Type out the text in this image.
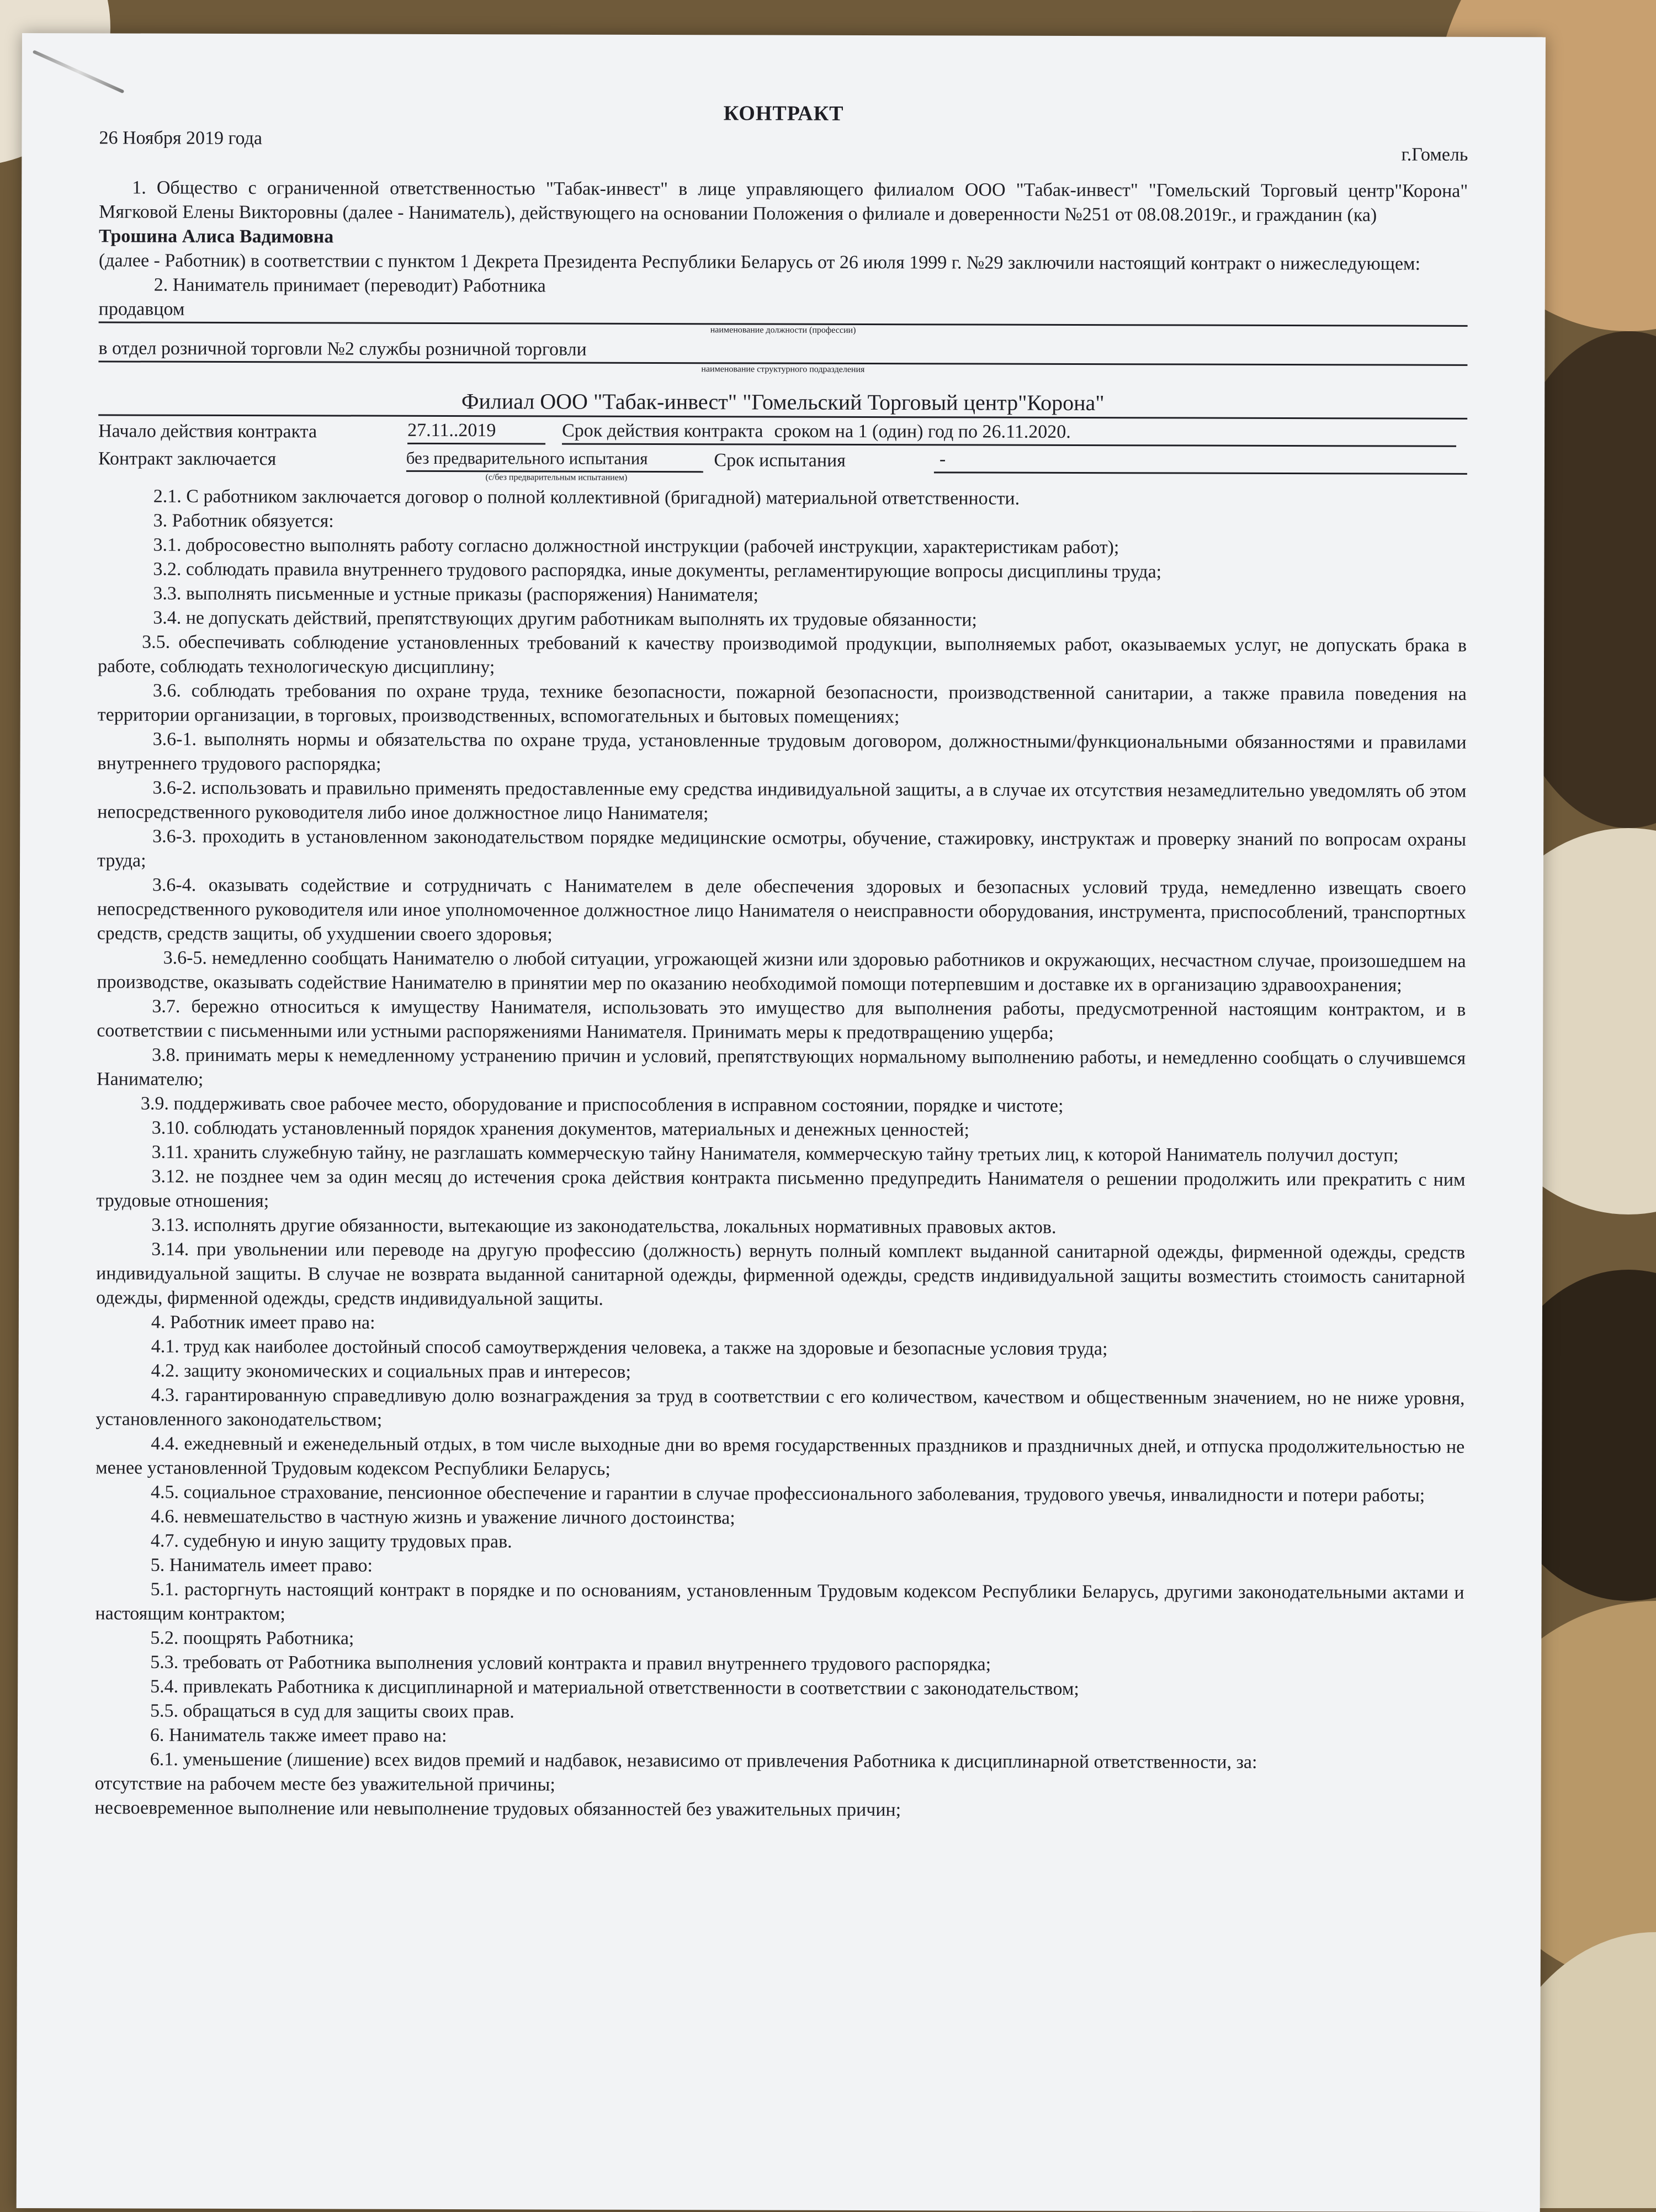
КОНТРАКТ
26 Ноября 2019 года
г.Гомель

1. Общество с ограниченной ответственностью "Табак-инвест" в лице управляющего филиалом ООО "Табак-инвест" "Гомельский Торговый центр"Корона" Мягковой Елены Викторовны (далее - Наниматель), действующего на основании Положения о филиале и доверенности №251 от 08.08.2019г., и гражданин (ка)

Трошина Алиса Вадимовна

(далее - Работник) в соответствии с пунктом 1 Декрета Президента Республики Беларусь от 26 июля 1999 г. №29 заключили настоящий контракт о нижеследующем:

2. Наниматель принимает (переводит) Работника

продавцом
наименование должности (профессии)
в отдел розничной торговли №2 службы розничной торговли
наименование структурного подразделения
Филиал ООО "Табак-инвест" "Гомельский Торговый центр"Корона"
Начало действия контракта	27.11..2019	Срок действия контракта сроком на 1 (один) год по 26.11.2020.
Контракт заключается	без предварительного испытания	Срок испытания	-
(с/без предварительным испытанием)

2.1. С работником заключается договор о полной коллективной (бригадной) материальной ответственности.

3. Работник обязуется:

3.1. добросовестно выполнять работу согласно должностной инструкции (рабочей инструкции, характеристикам работ);

3.2. соблюдать правила внутреннего трудового распорядка, иные документы, регламентирующие вопросы дисциплины труда;

3.3. выполнять письменные и устные приказы (распоряжения) Нанимателя;

3.4. не допускать действий, препятствующих другим работникам выполнять их трудовые обязанности;

3.5. обеспечивать соблюдение установленных требований к качеству производимой продукции, выполняемых работ, оказываемых услуг, не допускать брака в работе, соблюдать технологическую дисциплину;

3.6. соблюдать требования по охране труда, технике безопасности, пожарной безопасности, производственной санитарии, а также правила поведения на территории организации, в торговых, производственных, вспомогательных и бытовых помещениях;

3.6-1. выполнять нормы и обязательства по охране труда, установленные трудовым договором, должностными/функциональными обязанностями и правилами внутреннего трудового распорядка;

3.6-2. использовать и правильно применять предоставленные ему средства индивидуальной защиты, а в случае их отсутствия незамедлительно уведомлять об этом непосредственного руководителя либо иное должностное лицо Нанимателя;

3.6-3. проходить в установленном законодательством порядке медицинские осмотры, обучение, стажировку, инструктаж и проверку знаний по вопросам охраны труда;

3.6-4. оказывать содействие и сотрудничать с Нанимателем в деле обеспечения здоровых и безопасных условий труда, немедленно извещать своего непосредственного руководителя или иное уполномоченное должностное лицо Нанимателя о неисправности оборудования, инструмента, приспособлений, транспортных средств, средств защиты, об ухудшении своего здоровья;

3.6-5. немедленно сообщать Нанимателю о любой ситуации, угрожающей жизни или здоровью работников и окружающих, несчастном случае, произошедшем на производстве, оказывать содействие Нанимателю в принятии мер по оказанию необходимой помощи потерпевшим и доставке их в организацию здравоохранения;

3.7. бережно относиться к имуществу Нанимателя, использовать это имущество для выполнения работы, предусмотренной настоящим контрактом, и в соответствии с письменными или устными распоряжениями Нанимателя. Принимать меры к предотвращению ущерба;

3.8. принимать меры к немедленному устранению причин и условий, препятствующих нормальному выполнению работы, и немедленно сообщать о случившемся Нанимателю;

3.9. поддерживать свое рабочее место, оборудование и приспособления в исправном состоянии, порядке и чистоте;

3.10. соблюдать установленный порядок хранения документов, материальных и денежных ценностей;

3.11. хранить служебную тайну, не разглашать коммерческую тайну Нанимателя, коммерческую тайну третьих лиц, к которой Наниматель получил доступ;

3.12. не позднее чем за один месяц до истечения срока действия контракта письменно предупредить Нанимателя о решении продолжить или прекратить с ним трудовые отношения;

3.13. исполнять другие обязанности, вытекающие из законодательства, локальных нормативных правовых актов.

3.14. при увольнении или переводе на другую профессию (должность) вернуть полный комплект выданной санитарной одежды, фирменной одежды, средств индивидуальной защиты. В случае не возврата выданной санитарной одежды, фирменной одежды, средств индивидуальной защиты возместить стоимость санитарной одежды, фирменной одежды, средств индивидуальной защиты.

4. Работник имеет право на:

4.1. труд как наиболее достойный способ самоутверждения человека, а также на здоровые и безопасные условия труда;

4.2. защиту экономических и социальных прав и интересов;

4.3. гарантированную справедливую долю вознаграждения за труд в соответствии с его количеством, качеством и общественным значением, но не ниже уровня, установленного законодательством;

4.4. ежедневный и еженедельный отдых, в том числе выходные дни во время государственных праздников и праздничных дней, и отпуска продолжительностью не менее установленной Трудовым кодексом Республики Беларусь;

4.5. социальное страхование, пенсионное обеспечение и гарантии в случае профессионального заболевания, трудового увечья, инвалидности и потери работы;

4.6. невмешательство в частную жизнь и уважение личного достоинства;

4.7. судебную и иную защиту трудовых прав.

5. Наниматель имеет право:

5.1. расторгнуть настоящий контракт в порядке и по основаниям, установленным Трудовым кодексом Республики Беларусь, другими законодательными актами и настоящим контрактом;

5.2. поощрять Работника;

5.3. требовать от Работника выполнения условий контракта и правил внутреннего трудового распорядка;

5.4. привлекать Работника к дисциплинарной и материальной ответственности в соответствии с законодательством;

5.5. обращаться в суд для защиты своих прав.

6. Наниматель также имеет право на:

6.1. уменьшение (лишение) всех видов премий и надбавок, независимо от привлечения Работника к дисциплинарной ответственности, за:

отсутствие на рабочем месте без уважительной причины;

несвоевременное выполнение или невыполнение трудовых обязанностей без уважительных причин;
